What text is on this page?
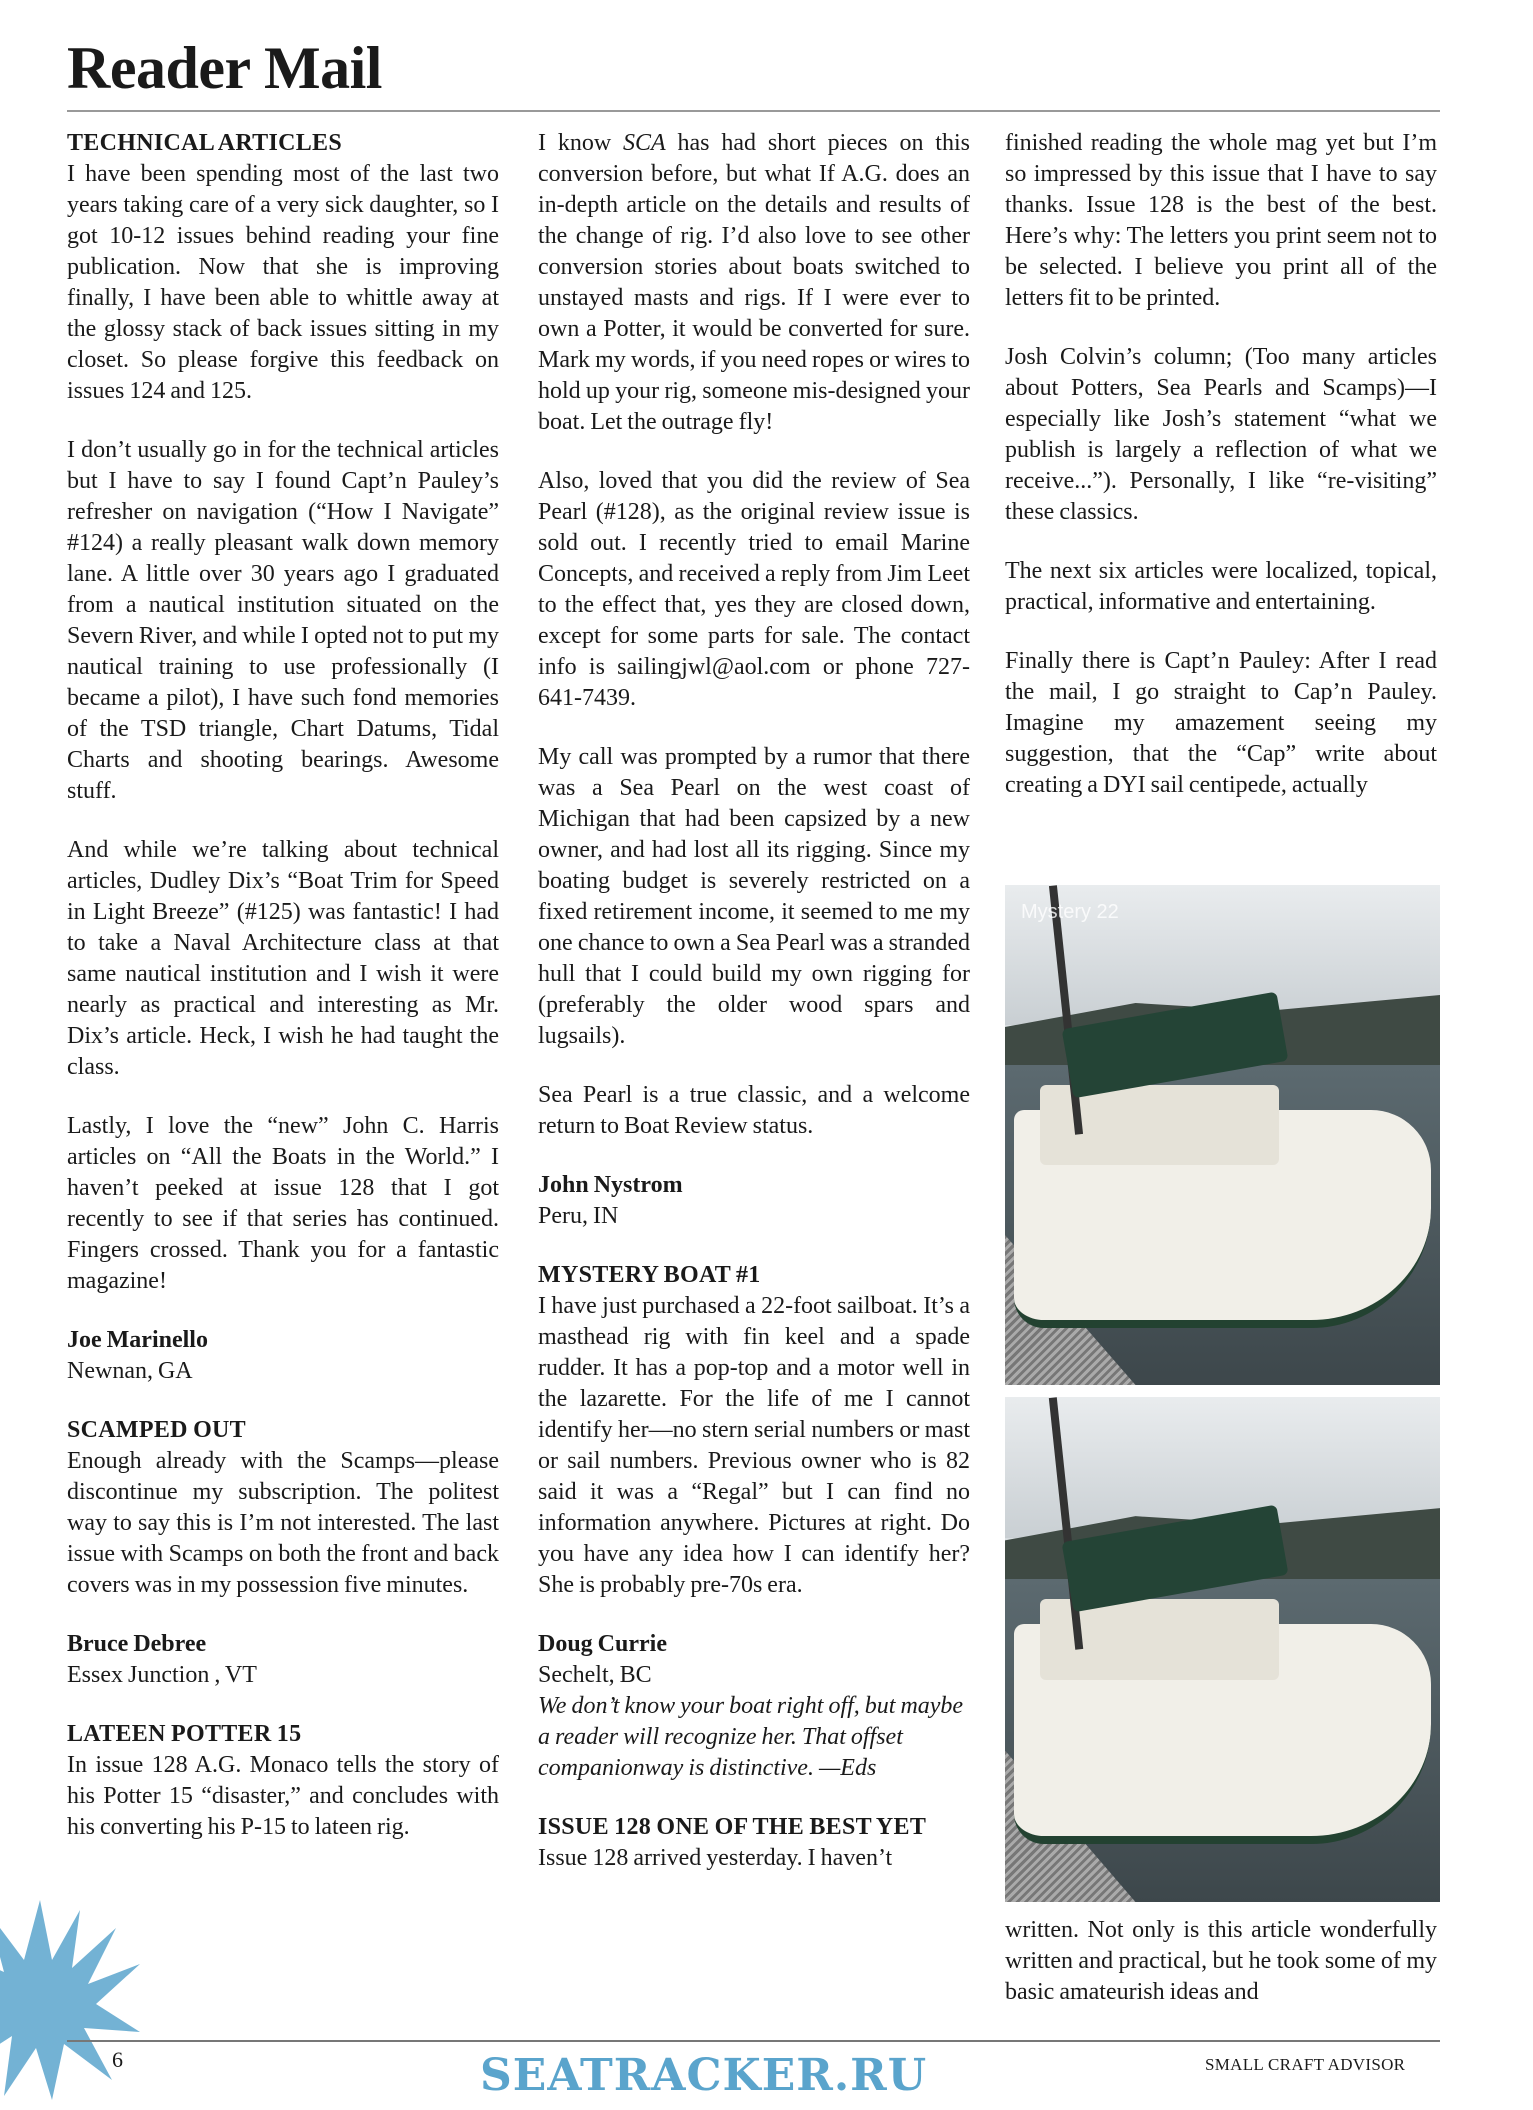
Reader Mail
TECHNICAL ARTICLES

I have been spending most of the last two years taking care of a very sick daughter, so I got 10-12 issues behind reading your fine publication. Now that she is improving finally, I have been able to whittle away at the glossy stack of back issues sitting in my closet. So please forgive this feedback on issues 124 and 125.

I don’t usually go in for the technical articles but I have to say I found Capt’n Pauley’s refresher on navigation (“How I Navigate” #124) a really pleasant walk down memory lane. A little over 30 years ago I graduated from a nautical institution situated on the Severn River, and while I opted not to put my nautical training to use professionally (I became a pilot), I have such fond memories of the TSD triangle, Chart Datums, Tidal Charts and shooting bearings. Awesome stuff.

And while we’re talking about technical articles, Dudley Dix’s “Boat Trim for Speed in Light Breeze” (#125) was fantastic! I had to take a Naval Architecture class at that same nautical institution and I wish it were nearly as practical and interesting as Mr. Dix’s article. Heck, I wish he had taught the class.

Lastly, I love the “new” John C. Harris articles on “All the Boats in the World.” I haven’t peeked at issue 128 that I got recently to see if that series has continued. Fingers crossed. Thank you for a fantastic magazine!

Joe Marinello
Newnan, GA
SCAMPED OUT

Enough already with the Scamps—please discontinue my subscription. The politest way to say this is I’m not interested. The last issue with Scamps on both the front and back covers was in my possession five minutes.

Bruce Debree
Essex Junction , VT
LATEEN POTTER 15

In issue 128 A.G. Monaco tells the story of his Potter 15 “disaster,” and concludes with his converting his P-15 to lateen rig.

I know SCA has had short pieces on this conversion before, but what If A.G. does an in-depth article on the details and results of the change of rig. I’d also love to see other conversion stories about boats switched to unstayed masts and rigs. If I were ever to own a Potter, it would be converted for sure. Mark my words, if you need ropes or wires to hold up your rig, someone mis-designed your boat. Let the outrage fly!

Also, loved that you did the review of Sea Pearl (#128), as the original review issue is sold out. I recently tried to email Marine Concepts, and received a reply from Jim Leet to the effect that, yes they are closed down, except for some parts for sale. The contact info is sailingjwl@aol.com or phone 727-641-7439.

My call was prompted by a rumor that there was a Sea Pearl on the west coast of Michigan that had been capsized by a new owner, and had lost all its rigging. Since my boating budget is severely restricted on a fixed retirement income, it seemed to me my one chance to own a Sea Pearl was a stranded hull that I could build my own rigging for (preferably the older wood spars and lugsails).

Sea Pearl is a true classic, and a welcome return to Boat Review status.

John Nystrom
Peru, IN
MYSTERY BOAT #1

I have just purchased a 22-foot sailboat. It’s a masthead rig with fin keel and a spade rudder. It has a pop-top and a motor well in the lazarette. For the life of me I cannot identify her—no stern serial numbers or mast or sail numbers. Previous owner who is 82 said it was a “Regal” but I can find no information anywhere. Pictures at right. Do you have any idea how I can identify her? She is probably pre-70s era.

Doug Currie
Sechelt, BC
We don’t know your boat right off, but maybe a reader will recognize her. That offset companionway is distinctive. —Eds
ISSUE 128 ONE OF THE BEST YET

Issue 128 arrived yesterday. I haven’t

finished reading the whole mag yet but I’m so impressed by this issue that I have to say thanks. Issue 128 is the best of the best. Here’s why: The letters you print seem not to be selected. I believe you print all of the letters fit to be printed.

Josh Colvin’s column; (Too many articles about Potters, Sea Pearls and Scamps)—I especially like Josh’s statement “what we publish is largely a reflection of what we receive...”). Personally, I like “re-visiting” these classics.

The next six articles were localized, topical, practical, informative and entertaining.

Finally there is Capt’n Pauley: After I read the mail, I go straight to Cap’n Pauley. Imagine my amazement seeing my suggestion, that the “Cap” write about creating a DYI sail centipede, actually

Mystery 22

written. Not only is this article wonderfully written and practical, but he took some of my basic amateurish ideas and

6	SEATRACKER.RU	SMALL CRAFT ADVISOR
